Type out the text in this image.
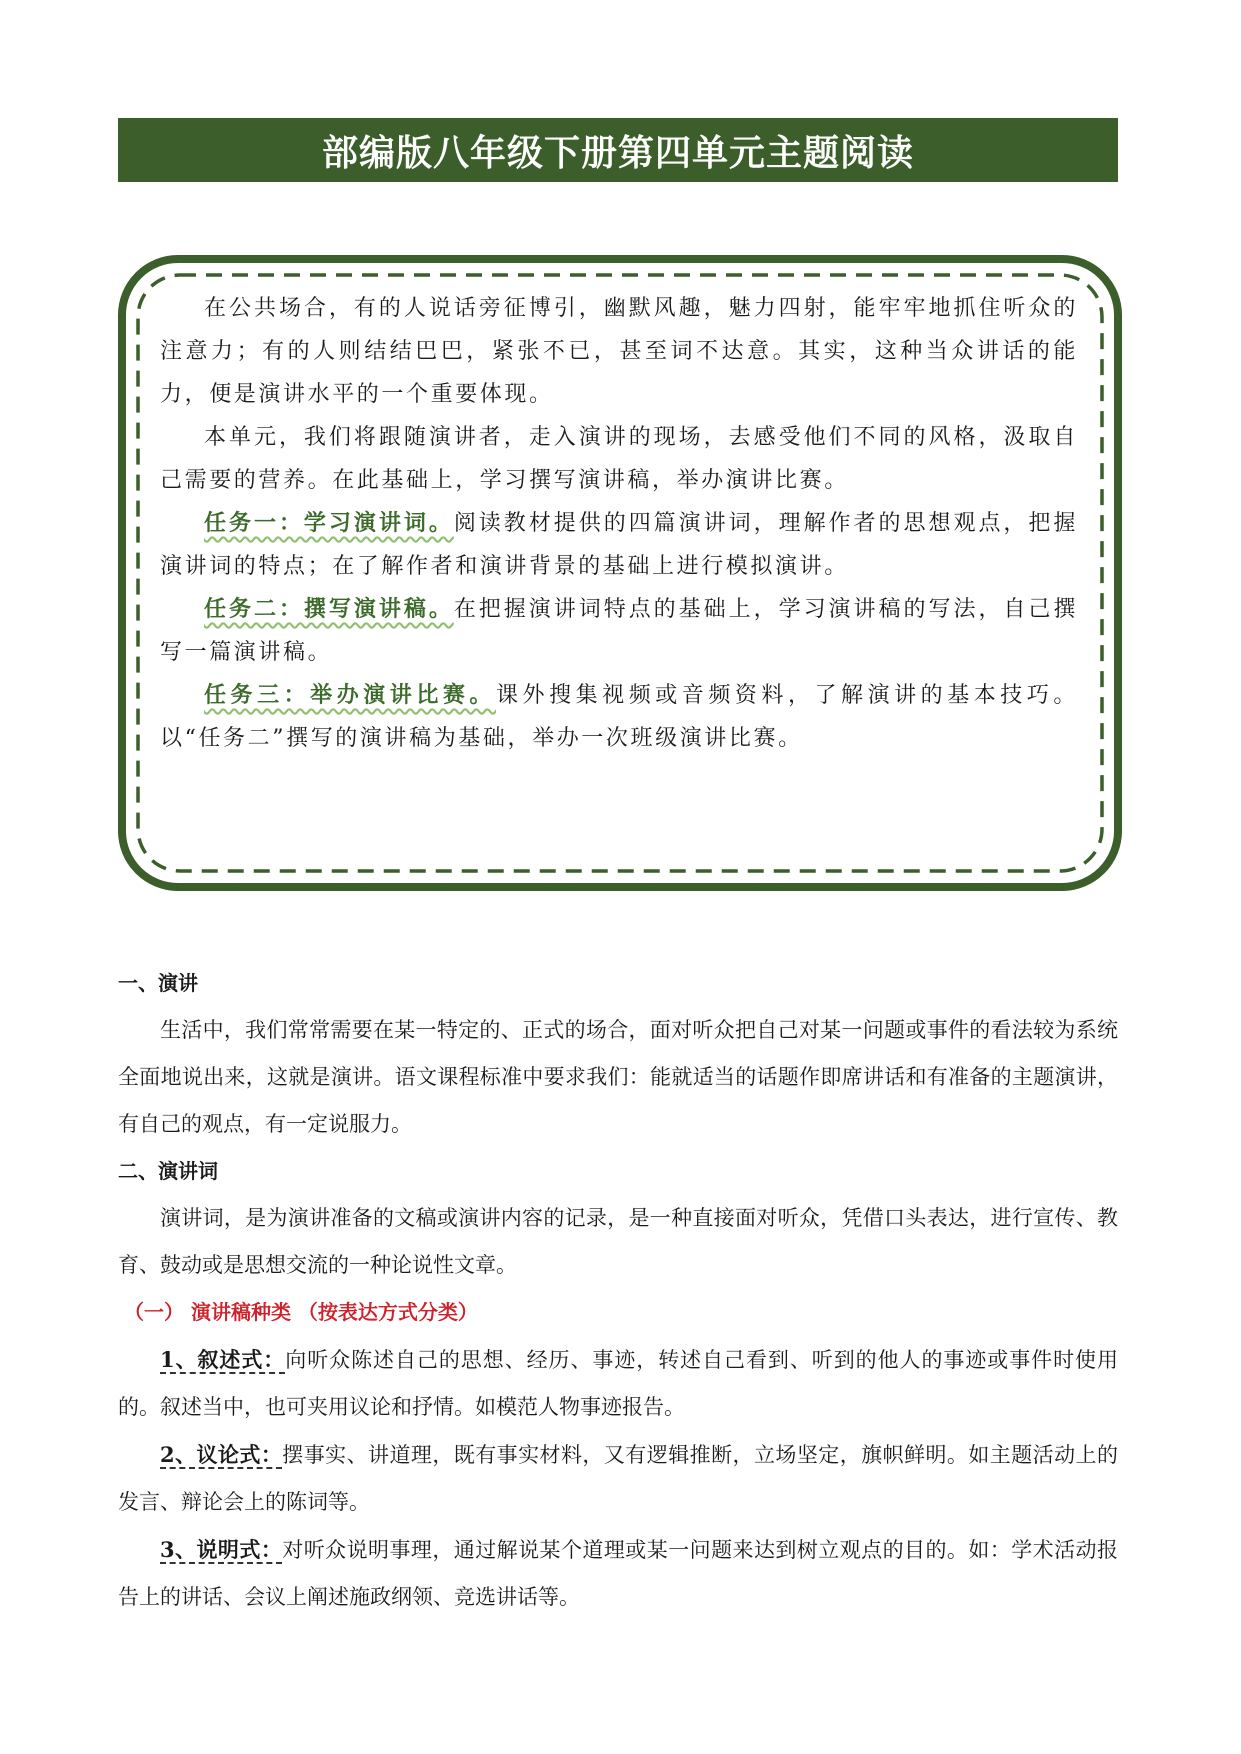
部编版八年级下册第四单元主题阅读

在公共场合，有的人说话旁征博引，幽默风趣，魅力四射，能牢牢地抓住听众的注意力；有的人则结结巴巴，紧张不已，甚至词不达意。其实，这种当众讲话的能力，便是演讲水平的一个重要体现。

本单元，我们将跟随演讲者，走入演讲的现场，去感受他们不同的风格，汲取自己需要的营养。在此基础上，学习撰写演讲稿，举办演讲比赛。

任务一：学习演讲词。阅读教材提供的四篇演讲词，理解作者的思想观点，把握演讲词的特点；在了解作者和演讲背景的基础上进行模拟演讲。

任务二：撰写演讲稿。在把握演讲词特点的基础上，学习演讲稿的写法，自己撰写一篇演讲稿。

任务三：举办演讲比赛。课外搜集视频或音频资料，了解演讲的基本技巧。以“任务二”撰写的演讲稿为基础，举办一次班级演讲比赛。

一、演讲

生活中，我们常常需要在某一特定的、正式的场合，面对听众把自己对某一问题或事件的看法较为系统全面地说出来，这就是演讲。语文课程标准中要求我们：能就适当的话题作即席讲话和有准备的主题演讲，有自己的观点，有一定说服力。

二、演讲词

演讲词，是为演讲准备的文稿或演讲内容的记录，是一种直接面对听众，凭借口头表达，进行宣传、教育、鼓动或是思想交流的一种论说性文章。

（一） 演讲稿种类 （按表达方式分类）

1、叙述式：向听众陈述自己的思想、经历、事迹，转述自己看到、听到的他人的事迹或事件时使用的。叙述当中，也可夹用议论和抒情。如模范人物事迹报告。

2、议论式：摆事实、讲道理，既有事实材料，又有逻辑推断，立场坚定，旗帜鲜明。如主题活动上的发言、辩论会上的陈词等。

3、说明式：对听众说明事理，通过解说某个道理或某一问题来达到树立观点的目的。如：学术活动报告上的讲话、会议上阐述施政纲领、竞选讲话等。
